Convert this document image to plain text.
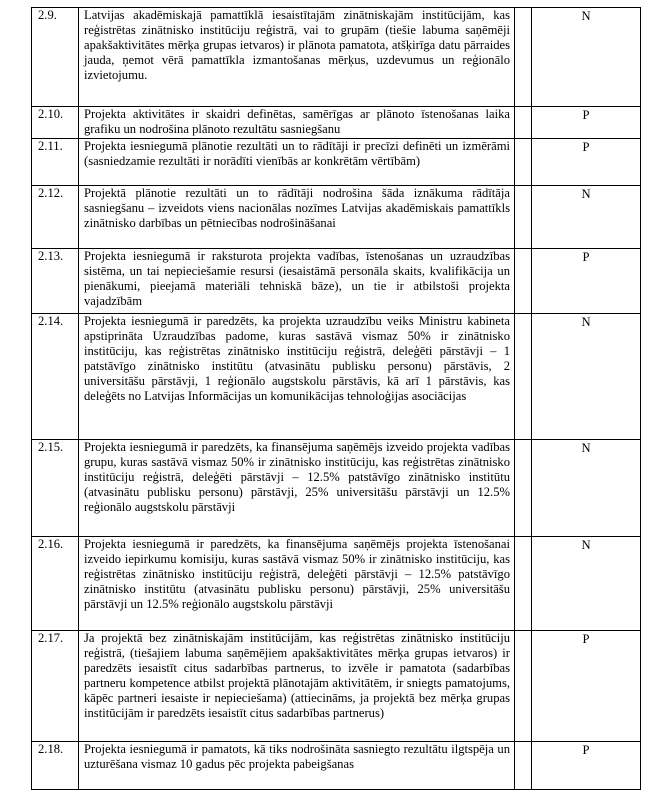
2.9.	Latvijas akadēmiskajā pamattīklā iesaistītajām zinātniskajām institūcijām, kas reģistrētas zinātnisko institūciju reģistrā, vai to grupām (tiešie labuma saņēmēji apakšaktivitātes mērķa grupas ietvaros) ir plānota pamatota, atšķirīga datu pārraides jauda, ņemot vērā pamattīkla izmantošanas mērķus, uzdevumus un reģionālo izvietojumu.		N
2.10.	Projekta aktivitātes ir skaidri definētas, samērīgas ar plānoto īstenošanas laika grafiku un nodrošina plānoto rezultātu sasniegšanu		P
2.11.	Projekta iesniegumā plānotie rezultāti un to rādītāji ir precīzi definēti un izmērāmi (sasniedzamie rezultāti ir norādīti vienībās ar konkrētām vērtībām)		P
2.12.	Projektā plānotie rezultāti un to rādītāji nodrošina šāda iznākuma rādītāja sasniegšanu – izveidots viens nacionālas nozīmes Latvijas akadēmiskais pamattīkls zinātnisko darbības un pētniecības nodrošināšanai		N
2.13.	Projekta iesniegumā ir raksturota projekta vadības, īstenošanas un uzraudzības sistēma, un tai nepieciešamie resursi (iesaistāmā personāla skaits, kvalifikācija un pienākumi, pieejamā materiāli tehniskā bāze), un tie ir atbilstoši projekta vajadzībām		P
2.14.	Projekta iesniegumā ir paredzēts, ka projekta uzraudzību veiks Ministru kabineta apstiprināta Uzraudzības padome, kuras sastāvā vismaz 50% ir zinātnisko institūciju, kas reģistrētas zinātnisko institūciju reģistrā, deleģēti pārstāvji – 1 patstāvīgo zinātnisko institūtu (atvasinātu publisku personu) pārstāvis, 2 universitāšu pārstāvji, 1 reģionālo augstskolu pārstāvis, kā arī 1 pārstāvis, kas deleģēts no Latvijas Informācijas un komunikācijas tehnoloģijas asociācijas		N
2.15.	Projekta iesniegumā ir paredzēts, ka finansējuma saņēmējs izveido projekta vadības grupu, kuras sastāvā vismaz 50% ir zinātnisko institūciju, kas reģistrētas zinātnisko institūciju reģistrā, deleģēti pārstāvji – 12.5% patstāvīgo zinātnisko institūtu (atvasinātu publisku personu) pārstāvji, 25% universitāšu pārstāvji un 12.5% reģionālo augstskolu pārstāvji		N
2.16.	Projekta iesniegumā ir paredzēts, ka finansējuma saņēmējs projekta īstenošanai izveido iepirkumu komisiju, kuras sastāvā vismaz 50% ir zinātnisko institūciju, kas reģistrētas zinātnisko institūciju reģistrā, deleģēti pārstāvji – 12.5% patstāvīgo zinātnisko institūtu (atvasinātu publisku personu) pārstāvji, 25% universitāšu pārstāvji un 12.5% reģionālo augstskolu pārstāvji		N
2.17.	Ja projektā bez zinātniskajām institūcijām, kas reģistrētas zinātnisko institūciju reģistrā, (tiešajiem labuma saņēmējiem apakšaktivitātes mērķa grupas ietvaros) ir paredzēts iesaistīt citus sadarbības partnerus, to izvēle ir pamatota (sadarbības partneru kompetence atbilst projektā plānotajām aktivitātēm, ir sniegts pamatojums, kāpēc partneri iesaiste ir nepieciešama) (attiecināms, ja projektā bez mērķa grupas institūcijām ir paredzēts iesaistīt citus sadarbības partnerus)		P
2.18.	Projekta iesniegumā ir pamatots, kā tiks nodrošināta sasniegto rezultātu ilgtspēja un uzturēšana vismaz 10 gadus pēc projekta pabeigšanas		P
